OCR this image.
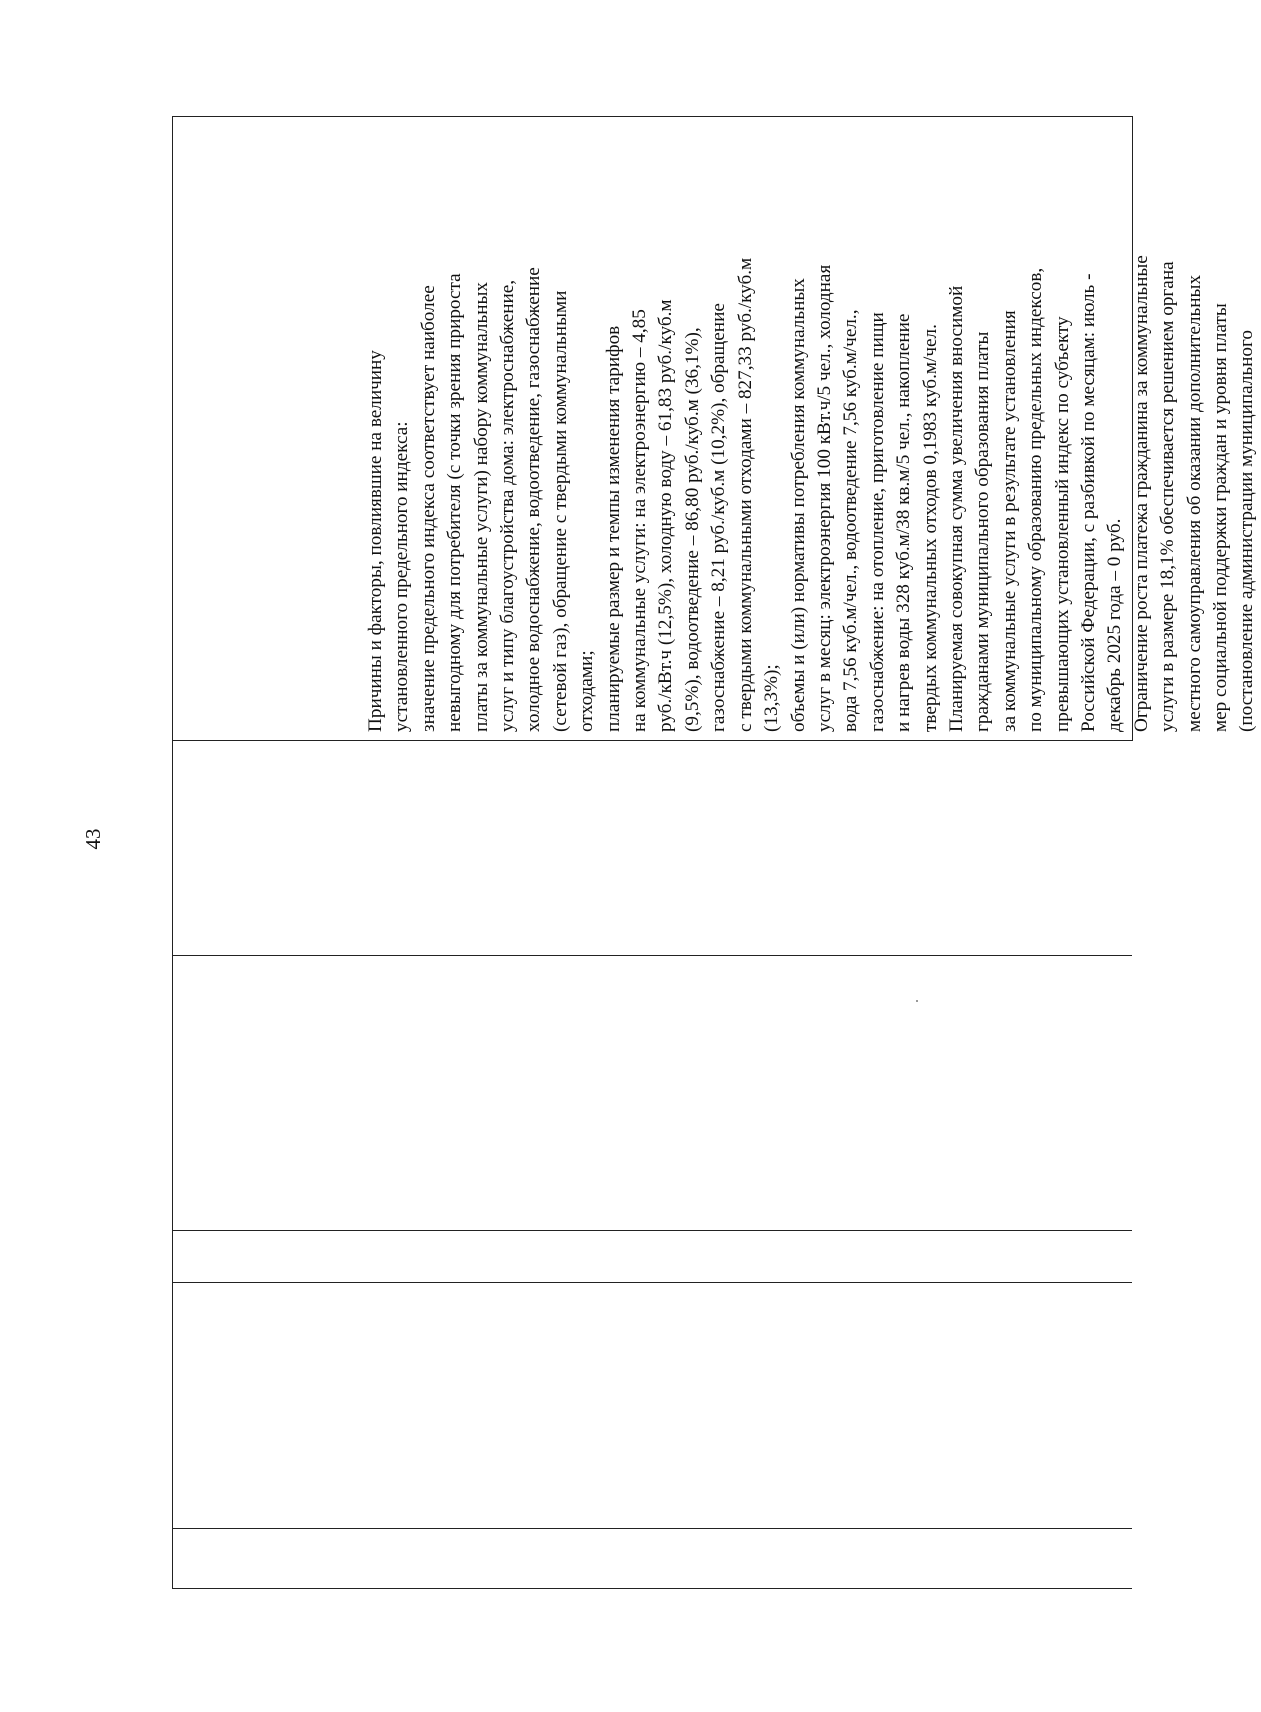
43

Причины и факторы, повлиявшие на величину
установленного предельного индекса:
значение предельного индекса соответствует наиболее
невыгодному для потребителя (с точки зрения прироста
платы за коммунальные услуги) набору коммунальных
услуг и типу благоустройства дома: электроснабжение,
холодное водоснабжение, водоотведение, газоснабжение
(сетевой газ), обращение с твердыми коммунальными
отходами; планируемые размер и темпы изменения тарифов
на коммунальные услуги: на электроэнергию – 4,85
руб./кВт.ч (12,5%), холодную воду – 61,83 руб./куб.м
(9,5%), водоотведение – 86,80 руб./куб.м (36,1%),
газоснабжение – 8,21 руб./куб.м (10,2%), обращение
с твердыми коммунальными отходами – 827,33 руб./куб.м
(13,3%); объемы и (или) нормативы потребления коммунальных
услуг в месяц: электроэнергия 100 кВт.ч/5 чел., холодная
вода 7,56 куб.м/чел., водоотведение 7,56 куб.м/чел.,
газоснабжение: на отопление, приготовление пищи
и нагрев воды 328 куб.м/38 кв.м/5 чел., накопление
твердых коммунальных отходов 0,1983 куб.м/чел.

Планируемая совокупная сумма увеличения вносимой
гражданами муниципального образования платы
за коммунальные услуги в результате установления
по муниципальному образованию предельных индексов,
превышающих установленный индекс по субъекту
Российской Федерации, с разбивкой по месяцам: июль -
декабрь 2025 года – 0 руб.

Ограничение роста платежа гражданина за коммунальные
услуги в размере 18,1% обеспечивается решением органа
местного самоуправления об оказании дополнительных
мер социальной поддержки граждан и уровня платы
(постановление администрации муниципального
